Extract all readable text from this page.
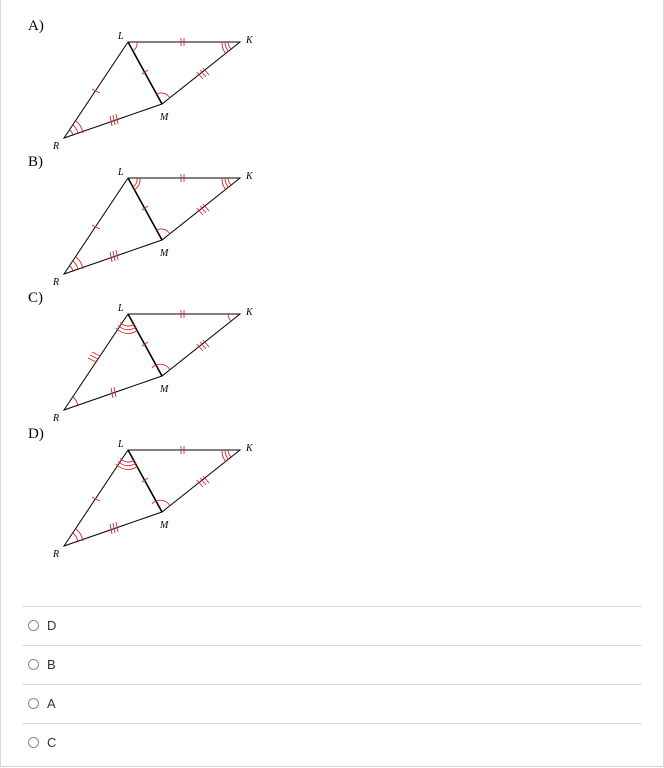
A)
L	K
M
R
B)
L	K
M
R
C)
L	K
M
R
D)
L	K
M
R
D
B
A
C
